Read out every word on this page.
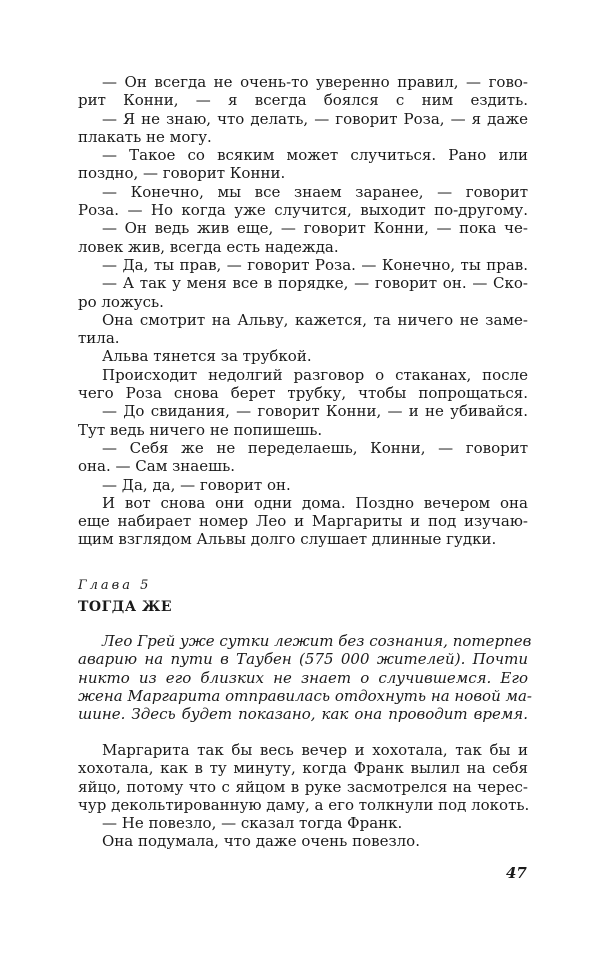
— Он всегда не очень-то уверенно правил, — гово-
рит Конни, — я всегда боялся с ним ездить.
— Я не знаю, что делать, — говорит Роза, — я даже
плакать не могу.
— Такое со всяким может случиться. Рано или
поздно, — говорит Конни.
— Конечно, мы все знаем заранее, — говорит
Роза. — Но когда уже случится, выходит по-другому.
— Он ведь жив еще, — говорит Конни, — пока че-
ловек жив, всегда есть надежда.
— Да, ты прав, — говорит Роза. — Конечно, ты прав.
— А так у меня все в порядке, — говорит он. — Ско-
ро ложусь.
Она смотрит на Альву, кажется, та ничего не заме-
тила.
Альва тянется за трубкой.
Происходит недолгий разговор о стаканах, после
чего Роза снова берет трубку, чтобы попрощаться.
— До свидания, — говорит Конни, — и не убивайся.
Тут ведь ничего не попишешь.
— Себя же не переделаешь, Конни, — говорит
она. — Сам знаешь.
— Да, да, — говорит он.
И вот снова они одни дома. Поздно вечером она
еще набирает номер Лео и Маргариты и под изучаю-
щим взглядом Альвы долго слушает длинные гудки.
Глава 5
ТОГДА ЖЕ
Лео Грей уже сутки лежит без сознания, потерпев
аварию на пути в Таубен (575 000 жителей). Почти
никто из его близких не знает о случившемся. Его
жена Маргарита отправилась отдохнуть на новой ма-
шине. Здесь будет показано, как она проводит время.
Маргарита так бы весь вечер и хохотала, так бы и
хохотала, как в ту минуту, когда Франк вылил на себя
яйцо, потому что с яйцом в руке засмотрелся на черес-
чур декольтированную даму, а его толкнули под локоть.
— Не повезло, — сказал тогда Франк.
Она подумала, что даже очень повезло.
47
